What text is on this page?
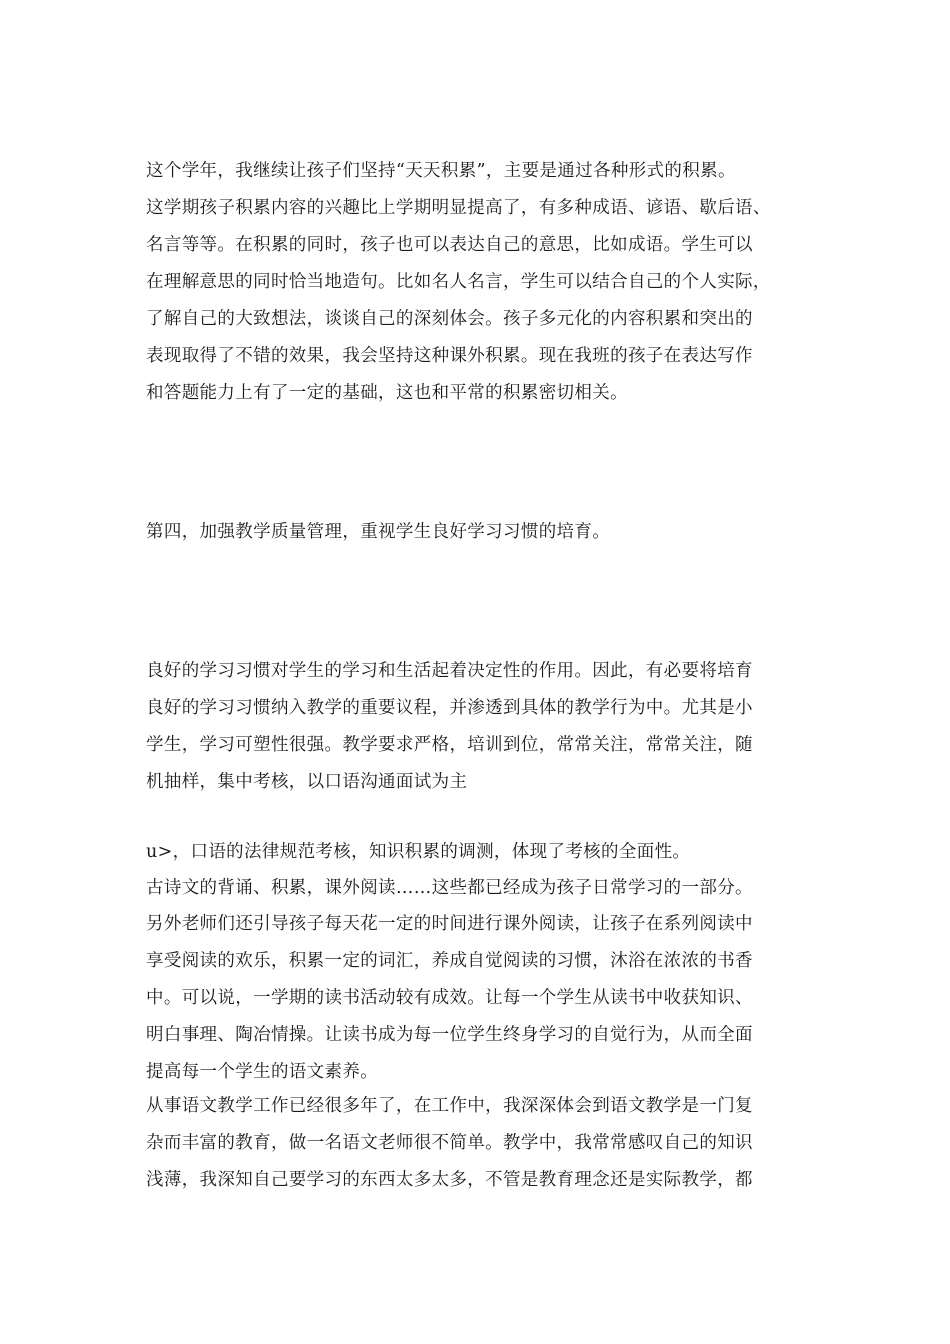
这个学年，我继续让孩子们坚持“天天积累”，主要是通过各种形式的积累。
这学期孩子积累内容的兴趣比上学期明显提高了，有多种成语、谚语、歇后语、
名言等等。在积累的同时，孩子也可以表达自己的意思，比如成语。学生可以
在理解意思的同时恰当地造句。比如名人名言，学生可以结合自己的个人实际，
了解自己的大致想法，谈谈自己的深刻体会。孩子多元化的内容积累和突出的
表现取得了不错的效果，我会坚持这种课外积累。现在我班的孩子在表达写作
和答题能力上有了一定的基础，这也和平常的积累密切相关。
第四，加强教学质量管理，重视学生良好学习习惯的培育。
良好的学习习惯对学生的学习和生活起着决定性的作用。因此，有必要将培育
良好的学习习惯纳入教学的重要议程，并渗透到具体的教学行为中。尤其是小
学生，学习可塑性很强。教学要求严格，培训到位，常常关注，常常关注，随
机抽样，集中考核，以口语沟通面试为主
u>，口语的法律规范考核，知识积累的调测，体现了考核的全面性。
古诗文的背诵、积累，课外阅读……这些都已经成为孩子日常学习的一部分。
另外老师们还引导孩子每天花一定的时间进行课外阅读，让孩子在系列阅读中
享受阅读的欢乐，积累一定的词汇，养成自觉阅读的习惯，沐浴在浓浓的书香
中。可以说，一学期的读书活动较有成效。让每一个学生从读书中收获知识、
明白事理、陶冶情操。让读书成为每一位学生终身学习的自觉行为，从而全面
提高每一个学生的语文素养。
从事语文教学工作已经很多年了，在工作中，我深深体会到语文教学是一门复
杂而丰富的教育，做一名语文老师很不简单。教学中，我常常感叹自己的知识
浅薄，我深知自己要学习的东西太多太多，不管是教育理念还是实际教学，都
